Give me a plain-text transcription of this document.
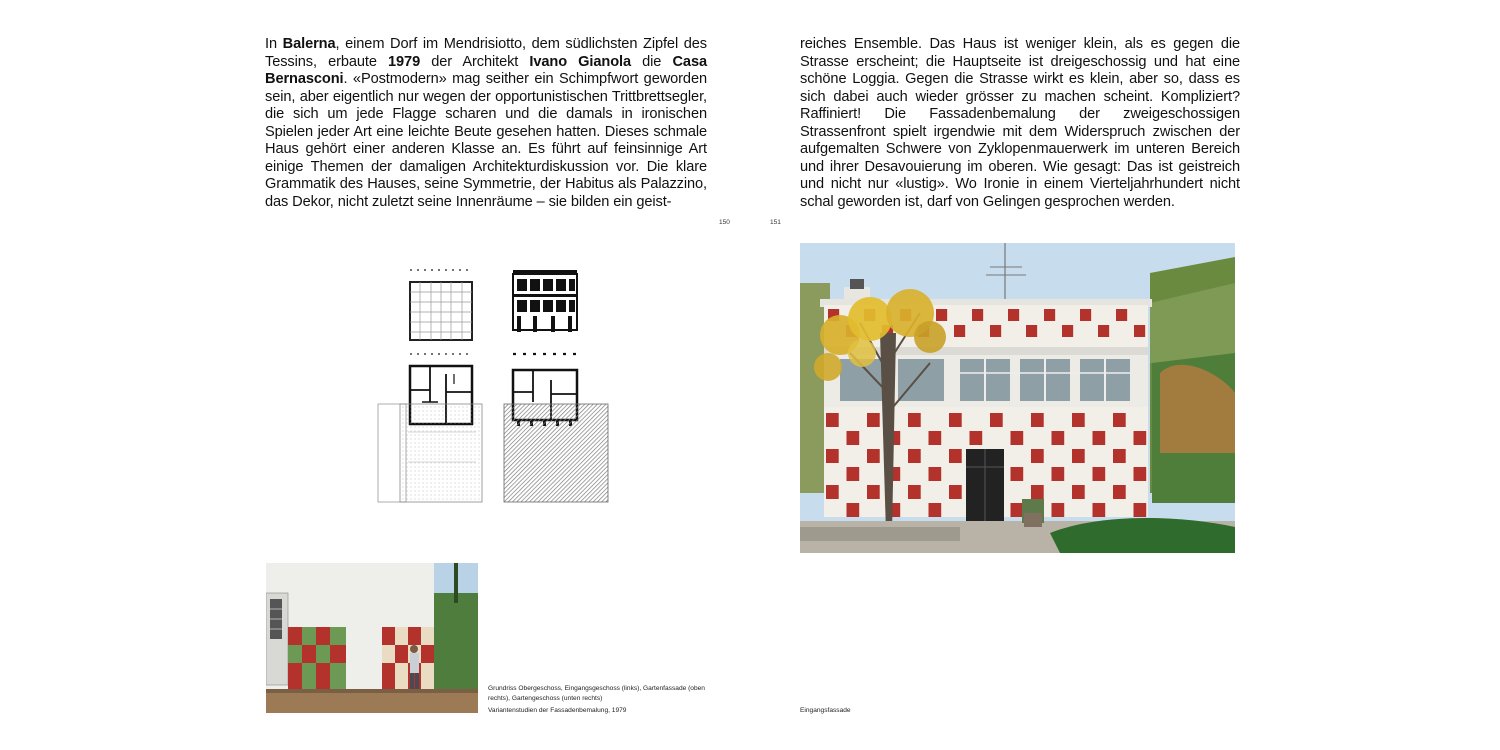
In Balerna, einem Dorf im Mendrisiotto, dem südlichsten Zipfel des Tessins, erbaute 1979 der Architekt Ivano Gianola die Casa Bernasconi. «Postmodern» mag seither ein Schimpfwort geworden sein, aber eigentlich nur wegen der opportunistischen Trittbrettsegler, die sich um jede Flagge scharen und die damals in ironischen Spielen jeder Art eine leichte Beute gesehen hatten. Dieses schmale Haus gehört einer anderen Klasse an. Es führt auf feinsinnige Art einige Themen der damaligen Architekturdiskussion vor. Die klare Grammatik des Hauses, seine Symmetrie, der Habitus als Palazzino, das Dekor, nicht zuletzt seine Innenräume – sie bilden ein geist-

150

reiches Ensemble. Das Haus ist weniger klein, als es gegen die Strasse erscheint; die Hauptseite ist dreigeschossig und hat eine schöne Loggia. Gegen die Strasse wirkt es klein, aber so, dass es sich dabei auch wieder grösser zu machen scheint. Kompliziert? Raffiniert! Die Fassadenbemalung der zweigeschossigen Strassenfront spielt irgendwie mit dem Widerspruch zwischen der aufgemalten Schwere von Zyklopenmauerwerk im unteren Bereich und ihrer Desavouierung im oberen. Wie gesagt: Das ist geistreich und nicht nur «lustig». Wo Ironie in einem Vierteljahrhundert nicht schal geworden ist, darf von Gelingen gesprochen werden.

151
Grundriss Obergeschoss, Eingangsgeschoss (links), Gartenfassade (oben rechts), Gartengeschoss (unten rechts)
Variantenstudien der Fassadenbemalung, 1979	Eingangsfassade
